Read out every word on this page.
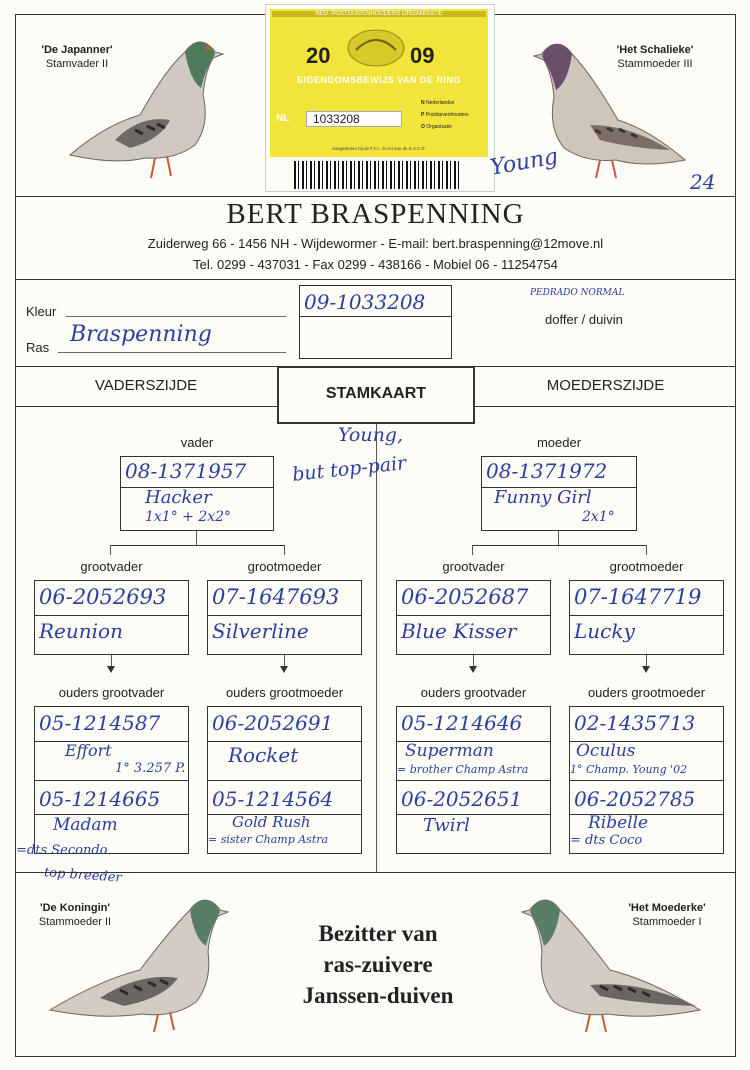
'De Japanner'
Stamvader II
'Het Schalieke'
Stammoeder III
NED. POSTDUIVENHOUDERS ORGANISATIE
20	09
EIGENDOMSBEWIJS VAN DE RING
NL	1033208
N Nederlandse
P Postduivenhouders
O Organisatie
Aangesloten bij de F.C.I. en lid van de E.A.C.E.	Young
24
BERT BRASPENNING
Zuiderweg 66 - 1456 NH - Wijdewormer - E-mail: bert.braspenning@12move.nl
Tel. 0299 - 437031 - Fax 0299 - 438166 - Mobiel 06 - 11254754
Kleur
Ras
Braspenning
09-1033208	PEDRADO NORMAL
doffer / duivin
VADERSZIJDE	MOEDERSZIJDE
STAMKAART
vader
08-1371957
Hacker
1x1° + 2x2°
Young,
but top-pair
moeder
08-1371972
Funny Girl
2x1°
grootvader	grootmoeder	grootvader	grootmoeder
06-2052693
Reunion
07-1647693
Silverline
06-2052687
Blue Kisser
07-1647719
Lucky
ouders grootvader	ouders grootmoeder	ouders grootvader	ouders grootmoeder
05-1214587
Effort
1° 3.257 P.
05-1214665
Madam
=dts Secondo
top breeder
06-2052691
Rocket
05-1214564
Gold Rush
= sister Champ Astra
05-1214646
Superman
= brother Champ Astra
06-2052651
Twirl
02-1435713
Oculus
1° Champ. Young '02
06-2052785
Ribelle
= dts Coco
'De Koningin'
Stammoeder II
'Het Moederke'
Stammoeder I
Bezitter van
ras-zuivere
Janssen-duiven
